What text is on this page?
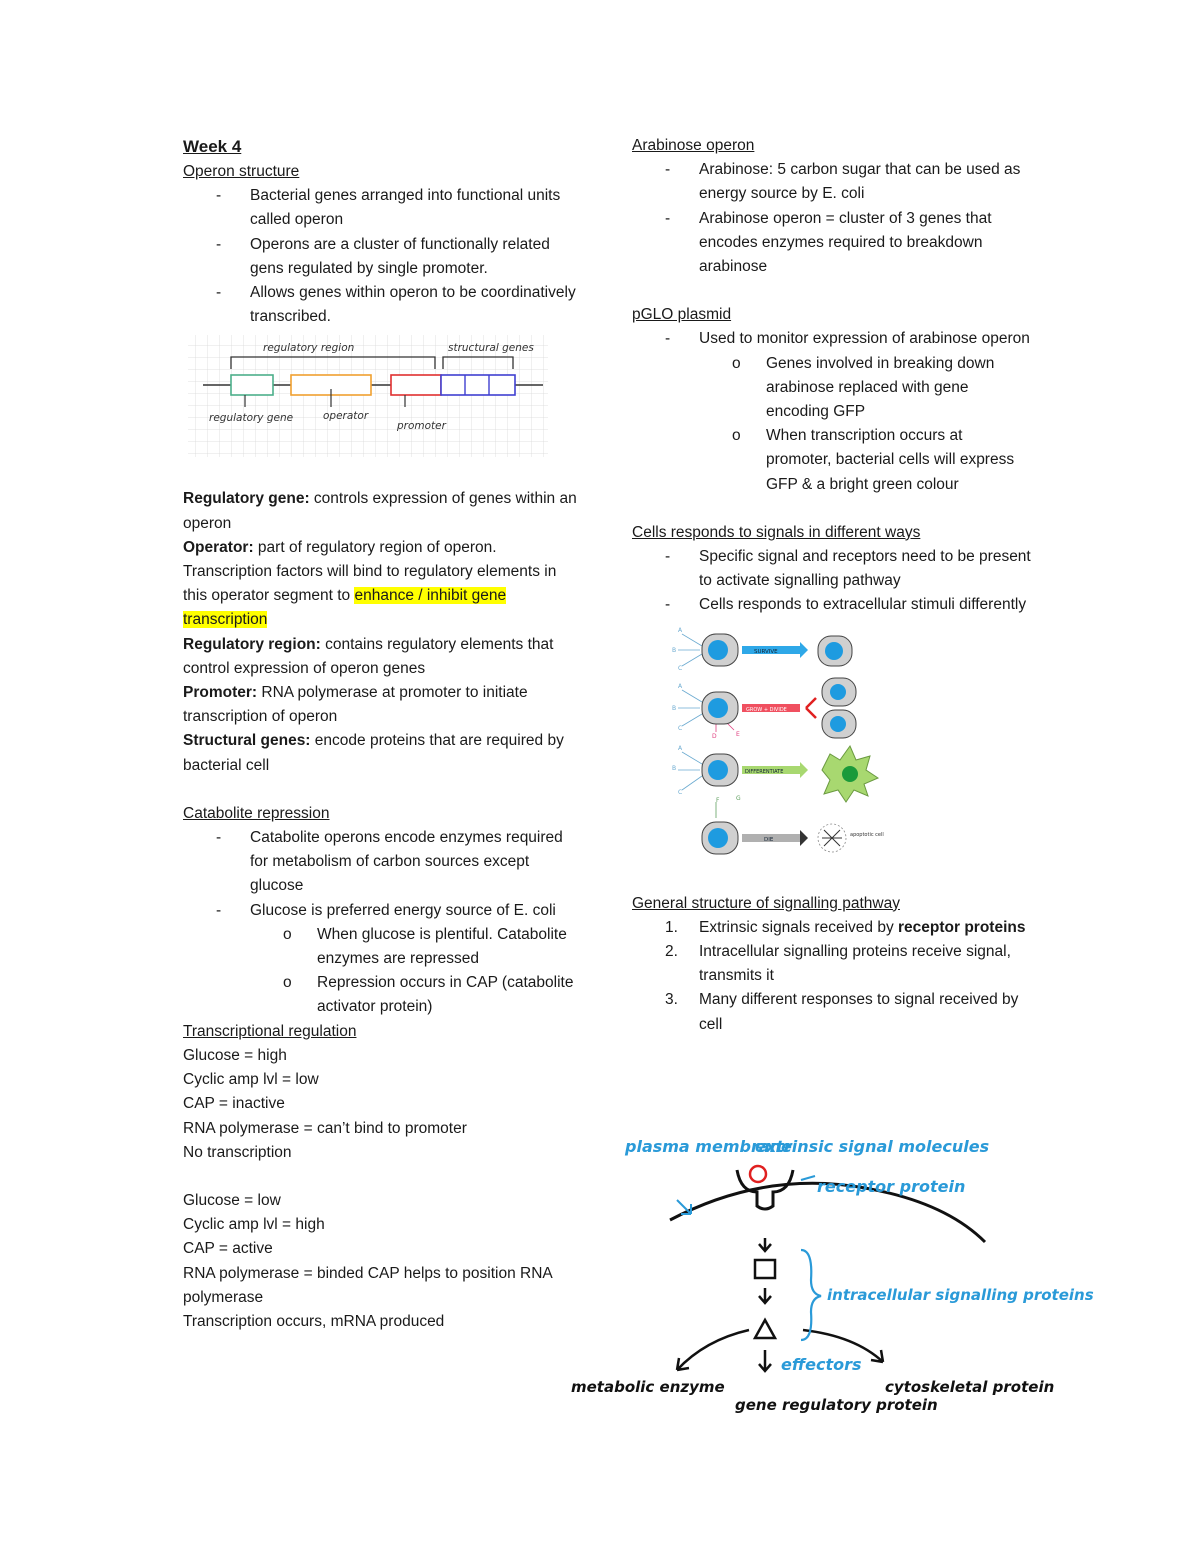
Week 4
Operon structure
- Bacterial genes arranged into functional units called operon
- Operons are a cluster of functionally related gens regulated by single promoter.
- Allows genes within operon to be coordinatively transcribed.
regulatory region	structural genes
regulatory gene	operator
promoter
Regulatory gene: controls expression of genes within an operon
Operator: part of regulatory region of operon. Transcription factors will bind to regulatory elements in this operator segment to enhance / inhibit gene transcription
Regulatory region: contains regulatory elements that control expression of operon genes
Promoter: RNA polymerase at promoter to initiate transcription of operon
Structural genes: encode proteins that are required by bacterial cell
Catabolite repression
- Catabolite operons encode enzymes required for metabolism of carbon sources except glucose
- Glucose is preferred energy source of E. coli
o When glucose is plentiful. Catabolite enzymes are repressed
o Repression occurs in CAP (catabolite activator protein)
Transcriptional regulation
Glucose = high
Cyclic amp lvl = low
CAP = inactive
RNA polymerase = can’t bind to promoter
No transcription
Glucose = low
Cyclic amp lvl = high
CAP = active
RNA polymerase = binded CAP helps to position RNA polymerase
Transcription occurs, mRNA produced
Arabinose operon
- Arabinose: 5 carbon sugar that can be used as energy source by E. coli
- Arabinose operon = cluster of 3 genes that encodes enzymes required to breakdown arabinose
pGLO plasmid
- Used to monitor expression of arabinose operon
o Genes involved in breaking down arabinose replaced with gene encoding GFP
o When transcription occurs at promoter, bacterial cells will express GFP & a bright green colour
Cells responds to signals in different ways
- Specific signal and receptors need to be present to activate signalling pathway
- Cells responds to extracellular stimuli differently
A
B
C
SURVIVE
A
B
C
D	E
GROW + DIVIDE
A
B
C
F	G
DIFFERENTIATE
DIE
apoptotic cell
General structure of signalling pathway
1. Extrinsic signals received by receptor proteins
2. Intracellular signalling proteins receive signal, transmits it
3. Many different responses to signal received by cell
plasma membrane
extrinsic signal molecules
receptor protein
intracellular signalling proteins
effectors
metabolic enzyme
gene regulatory protein
cytoskeletal protein
